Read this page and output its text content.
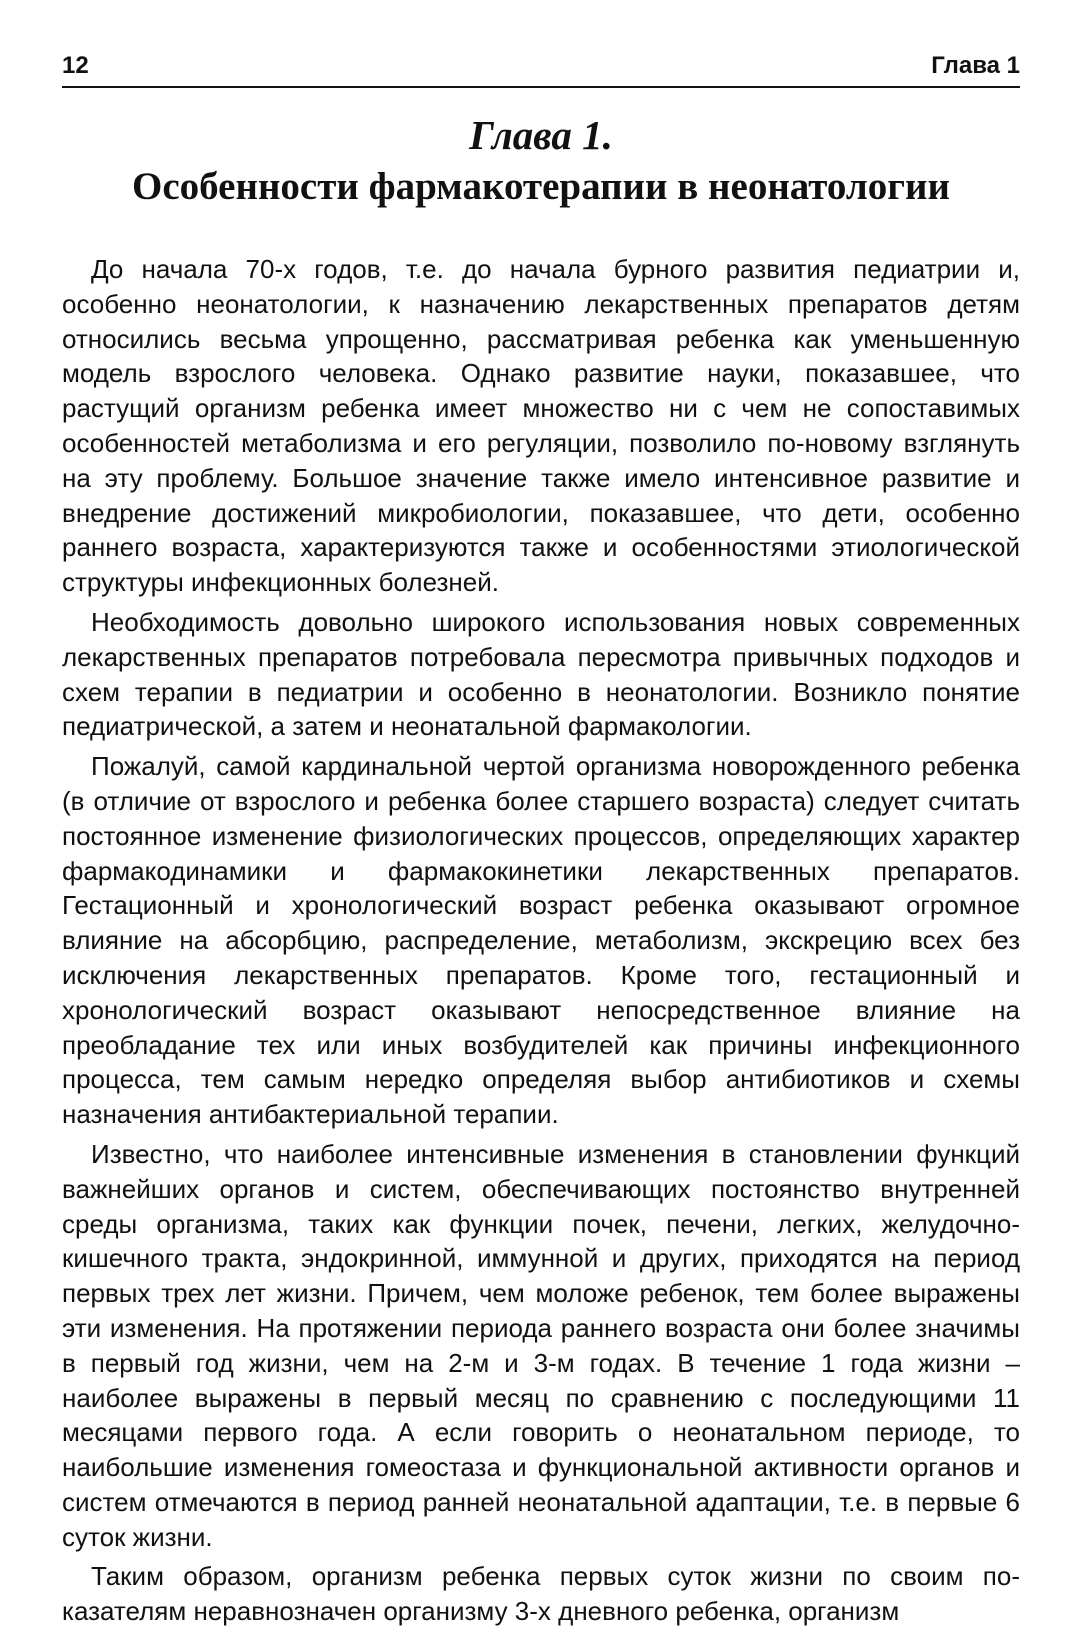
12	Глава 1
Глава 1.
Особенности фармакотерапии в неонатологии

До начала 70-х годов, т.е. до начала бурного развития педиатрии и, особенно неонатологии, к назначению лекарственных препаратов детям относились весьма упрощенно, рассматривая ребенка как уменьшенную модель взрослого человека. Однако развитие науки, показавшее, что растущий организм ребенка имеет множество ни с чем не сопоставимых особенностей метаболизма и его регуляции, позволило по-новому взглянуть на эту проблему. Большое значение также имело интенсивное развитие и внедрение достижений микробиологии, показавшее, что дети, особенно раннего возраста, характеризуются также и особенностями этиологической структуры инфекционных болезней.

Необходимость довольно широкого использования новых современных лекарственных препаратов потребовала пересмотра привычных подходов и схем терапии в педиатрии и особенно в неонатологии. Возникло понятие педиатрической, а затем и неонатальной фармакологии.

Пожалуй, самой кардинальной чертой организма новорожденного ребенка (в отличие от взрослого и ребенка более старшего возраста) следует считать постоянное изменение физиологических процессов, определяющих характер фармакодинамики и фармакокинетики лекарственных препаратов. Гестационный и хронологический возраст ребенка оказывают огромное влияние на абсорбцию, распределение, метаболизм, экскрецию всех без исключения лекарственных препаратов. Кроме того, гестационный и хронологический возраст оказывают непосредственное влияние на преобладание тех или иных возбудителей как причины инфекционного процесса, тем самым нередко определяя выбор антибиотиков и схемы назначения антибактериальной терапии.

Известно, что наиболее интенсивные изменения в становлении функций важнейших органов и систем, обеспечивающих постоянство внутренней среды организма, таких как функции почек, печени, легких, желудочно-кишечного тракта, эндокринной, иммунной и других, приходятся на период первых трех лет жизни. Причем, чем моложе ребенок, тем более выражены эти изменения. На протяжении периода раннего возраста они более значимы в первый год жизни, чем на 2-м и 3-м годах. В течение 1 года жизни – наиболее выражены в первый месяц по сравнению с последующими 11 месяцами первого года. А если говорить о неонатальном периоде, то наибольшие изменения гомеостаза и функциональной активности органов и систем отмечаются в период ранней неонатальной адаптации, т.е. в первые 6 суток жизни.

Таким образом, организм ребенка первых суток жизни по своим показателям неравнозначен организму 3-х дневного ребенка, организм
